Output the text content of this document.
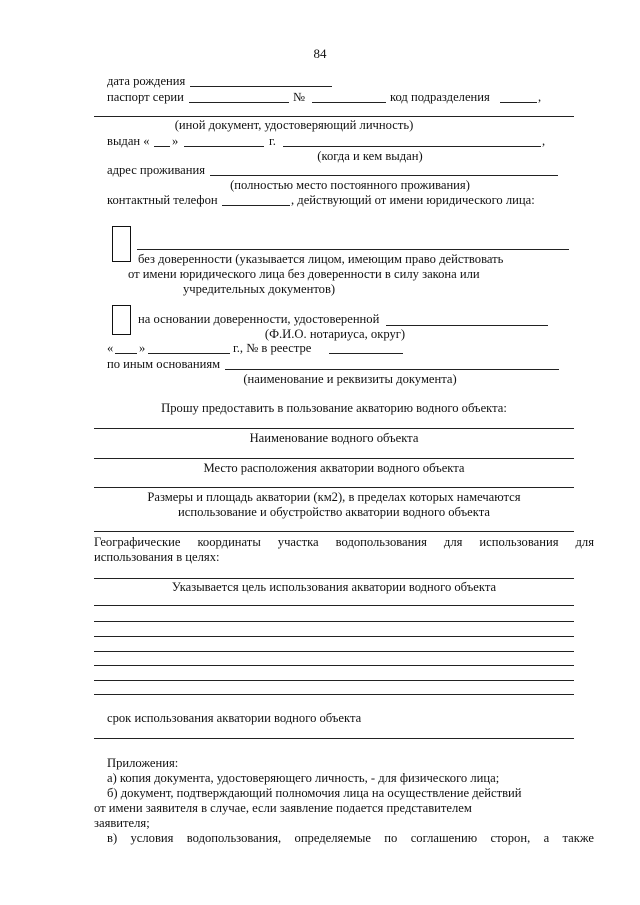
84
дата рождения
паспорт серии	№	код подразделения	,
(иной документ, удостоверяющий личность)
выдан « »	г.	,
(когда и кем выдан)
адрес проживания
(полностью место постоянного проживания)
контактный телефон	, действующий от имени юридического лица:
без доверенности (указывается лицом, имеющим право действовать
от имени юридического лица без доверенности в силу закона или
учредительных документов)
на основании доверенности, удостоверенной
(Ф.И.О. нотариуса, округ)
« »	г., № в реестре
по иным основаниям
(наименование и реквизиты документа)
Прошу предоставить в пользование акваторию водного объекта:
Наименование водного объекта
Место расположения акватории водного объекта
Размеры и площадь акватории (км2), в пределах которых намечаются
использование и обустройство акватории водного объекта
Географические координаты участка водопользования для использования для
использования в целях:
Указывается цель использования акватории водного объекта
срок использования акватории водного объекта
Приложения:
а) копия документа, удостоверяющего личность, - для физического лица;
б) документ, подтверждающий полномочия лица на осуществление действий
от имени заявителя в случае, если заявление подается представителем
заявителя;
в) условия водопользования, определяемые по соглашению сторон, а также
